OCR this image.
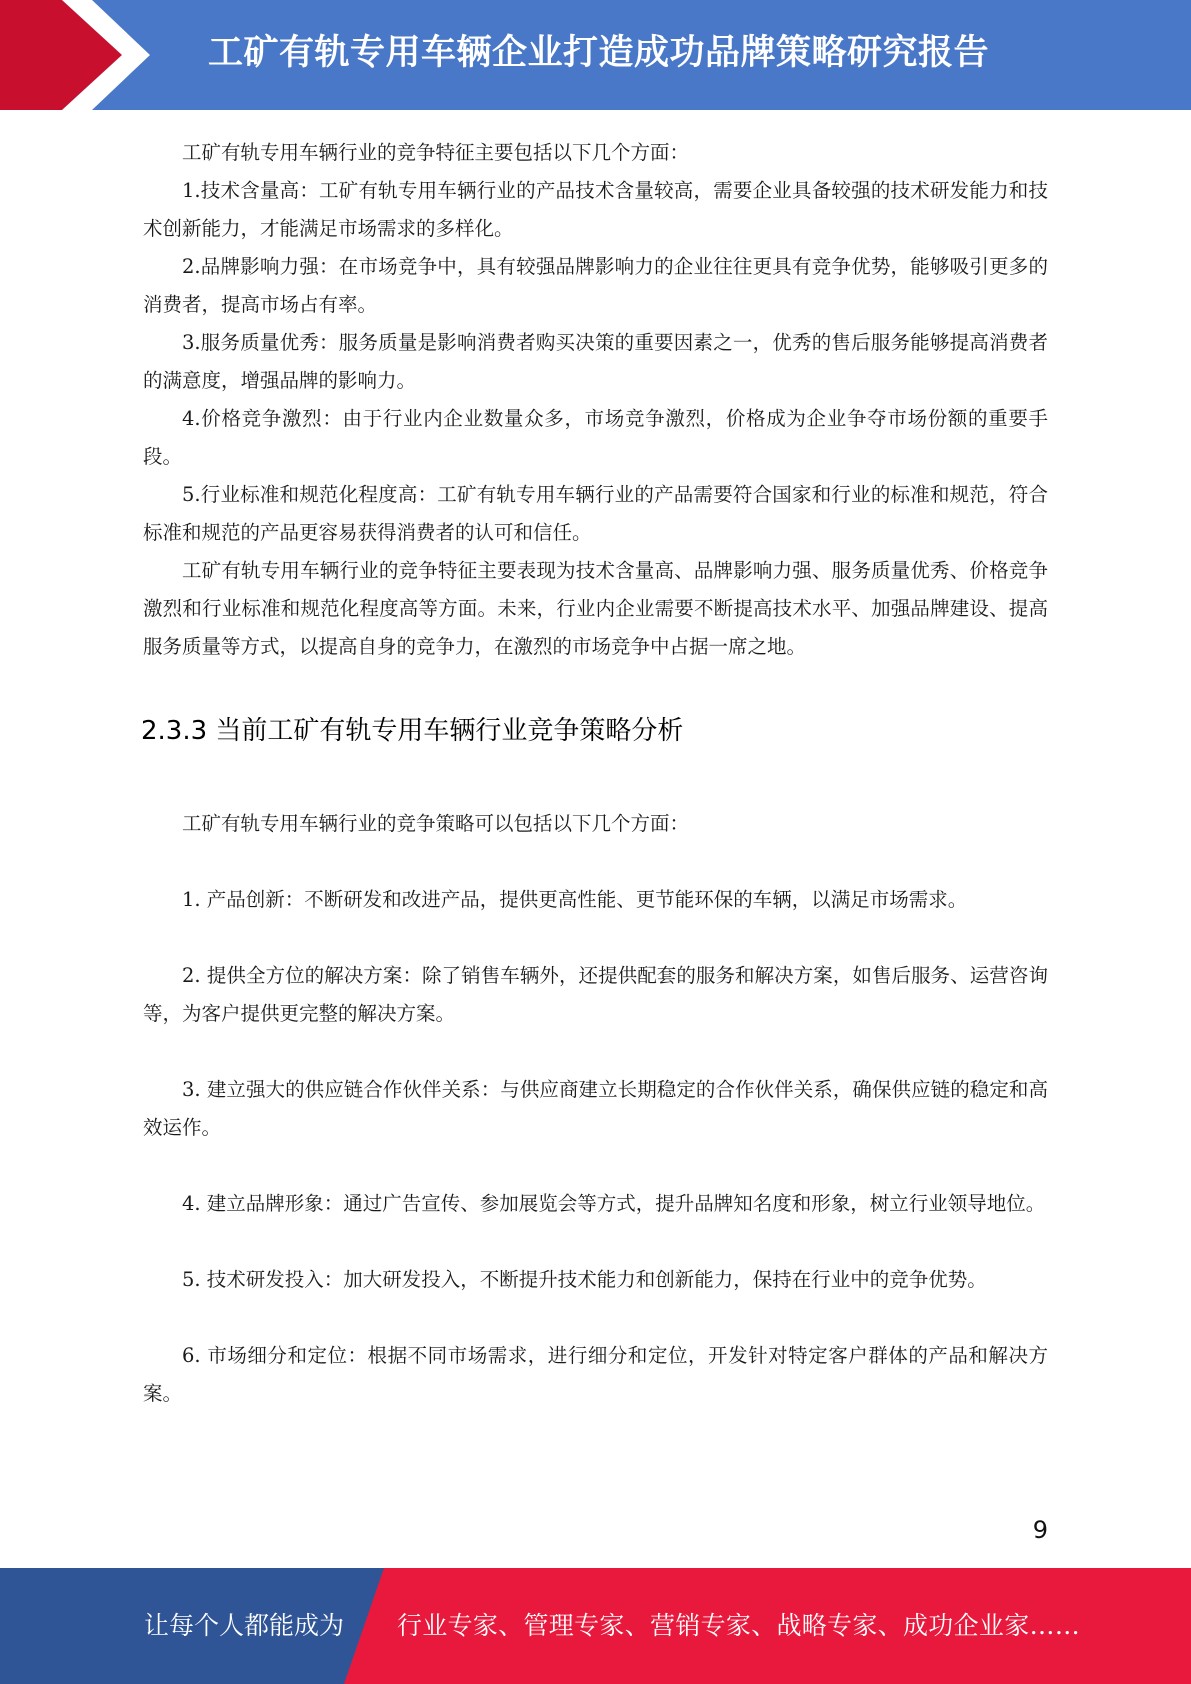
工矿有轨专用车辆企业打造成功品牌策略研究报告

工矿有轨专用车辆行业的竞争特征主要包括以下几个方面：

1.技术含量高：工矿有轨专用车辆行业的产品技术含量较高，需要企业具备较强的技术研发能力和技术创新能力，才能满足市场需求的多样化。

2.品牌影响力强：在市场竞争中，具有较强品牌影响力的企业往往更具有竞争优势，能够吸引更多的消费者，提高市场占有率。

3.服务质量优秀：服务质量是影响消费者购买决策的重要因素之一，优秀的售后服务能够提高消费者的满意度，增强品牌的影响力。

4.价格竞争激烈：由于行业内企业数量众多，市场竞争激烈，价格成为企业争夺市场份额的重要手段。

5.行业标准和规范化程度高：工矿有轨专用车辆行业的产品需要符合国家和行业的标准和规范，符合标准和规范的产品更容易获得消费者的认可和信任。

工矿有轨专用车辆行业的竞争特征主要表现为技术含量高、品牌影响力强、服务质量优秀、价格竞争激烈和行业标准和规范化程度高等方面。未来，行业内企业需要不断提高技术水平、加强品牌建设、提高服务质量等方式，以提高自身的竞争力，在激烈的市场竞争中占据一席之地。

2.3.3 当前工矿有轨专用车辆行业竞争策略分析

工矿有轨专用车辆行业的竞争策略可以包括以下几个方面：

1. 产品创新：不断研发和改进产品，提供更高性能、更节能环保的车辆，以满足市场需求。

2. 提供全方位的解决方案：除了销售车辆外，还提供配套的服务和解决方案，如售后服务、运营咨询等，为客户提供更完整的解决方案。

3. 建立强大的供应链合作伙伴关系：与供应商建立长期稳定的合作伙伴关系，确保供应链的稳定和高效运作。

4. 建立品牌形象：通过广告宣传、参加展览会等方式，提升品牌知名度和形象，树立行业领导地位。

5. 技术研发投入：加大研发投入，不断提升技术能力和创新能力，保持在行业中的竞争优势。

6. 市场细分和定位：根据不同市场需求，进行细分和定位，开发针对特定客户群体的产品和解决方案。

9
让每个人都能成为 行业专家、管理专家、营销专家、战略专家、成功企业家……
